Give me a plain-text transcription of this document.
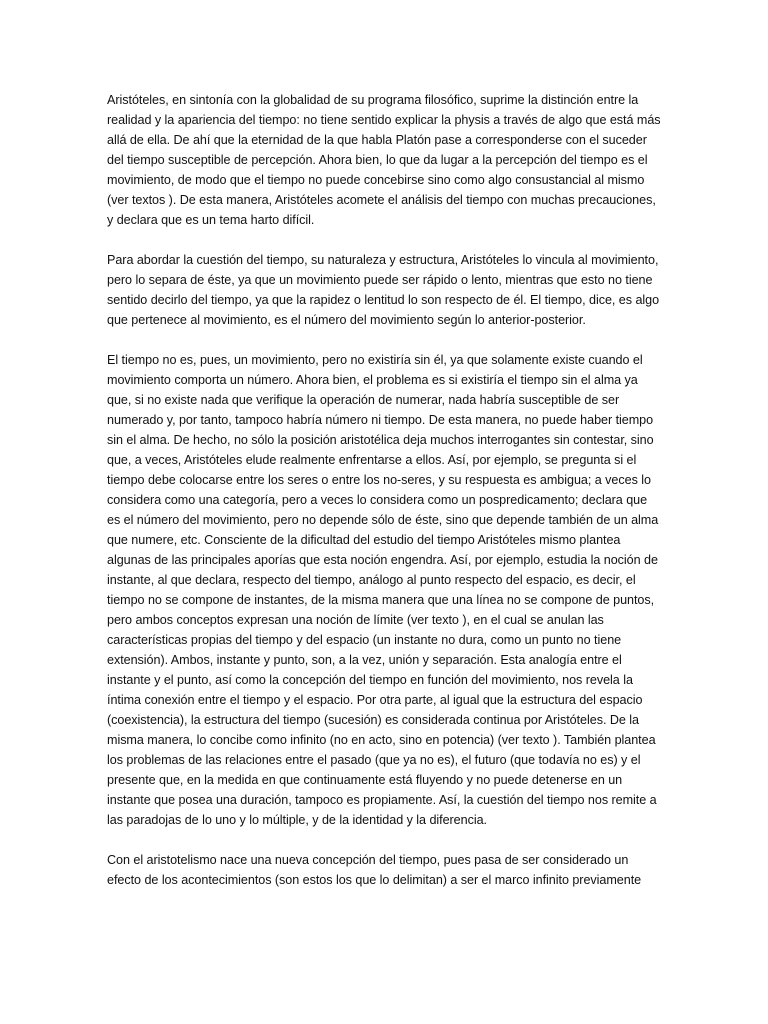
Aristóteles, en sintonía con la globalidad de su programa filosófico, suprime la distinción entre la realidad y la apariencia del tiempo: no tiene sentido explicar la physis a través de algo que está más allá de ella. De ahí que la eternidad de la que habla Platón pase a corresponderse con el suceder del tiempo susceptible de percepción. Ahora bien, lo que da lugar a la percepción del tiempo es el movimiento, de modo que el tiempo no puede concebirse sino como algo consustancial al mismo (ver textos ). De esta manera, Aristóteles acomete el análisis del tiempo con muchas precauciones, y declara que es un tema harto difícil.

Para abordar la cuestión del tiempo, su naturaleza y estructura, Aristóteles lo vincula al movimiento, pero lo separa de éste, ya que un movimiento puede ser rápido o lento, mientras que esto no tiene sentido decirlo del tiempo, ya que la rapidez o lentitud lo son respecto de él. El tiempo, dice, es algo que pertenece al movimiento, es el número del movimiento según lo anterior-posterior.

El tiempo no es, pues, un movimiento, pero no existiría sin él, ya que solamente existe cuando el movimiento comporta un número. Ahora bien, el problema es si existiría el tiempo sin el alma ya que, si no existe nada que verifique la operación de numerar, nada habría susceptible de ser numerado y, por tanto, tampoco habría número ni tiempo. De esta manera, no puede haber tiempo sin el alma. De hecho, no sólo la posición aristotélica deja muchos interrogantes sin contestar, sino que, a veces, Aristóteles elude realmente enfrentarse a ellos. Así, por ejemplo, se pregunta si el tiempo debe colocarse entre los seres o entre los no-seres, y su respuesta es ambigua; a veces lo considera como una categoría, pero a veces lo considera como un pospredicamento; declara que es el número del movimiento, pero no depende sólo de éste, sino que depende también de un alma que numere, etc. Consciente de la dificultad del estudio del tiempo Aristóteles mismo plantea algunas de las principales aporías que esta noción engendra. Así, por ejemplo, estudia la noción de instante, al que declara, respecto del tiempo, análogo al punto respecto del espacio, es decir, el tiempo no se compone de instantes, de la misma manera que una línea no se compone de puntos, pero ambos conceptos expresan una noción de límite (ver texto ), en el cual se anulan las características propias del tiempo y del espacio (un instante no dura, como un punto no tiene extensión). Ambos, instante y punto, son, a la vez, unión y separación. Esta analogía entre el instante y el punto, así como la concepción del tiempo en función del movimiento, nos revela la íntima conexión entre el tiempo y el espacio. Por otra parte, al igual que la estructura del espacio (coexistencia), la estructura del tiempo (sucesión) es considerada continua por Aristóteles. De la misma manera, lo concibe como infinito (no en acto, sino en potencia) (ver texto ). También plantea los problemas de las relaciones entre el pasado (que ya no es), el futuro (que todavía no es) y el presente que, en la medida en que continuamente está fluyendo y no puede detenerse en un instante que posea una duración, tampoco es propiamente. Así, la cuestión del tiempo nos remite a las paradojas de lo uno y lo múltiple, y de la identidad y la diferencia.

Con el aristotelismo nace una nueva concepción del tiempo, pues pasa de ser considerado un efecto de los acontecimientos (son estos los que lo delimitan) a ser el marco infinito previamente
